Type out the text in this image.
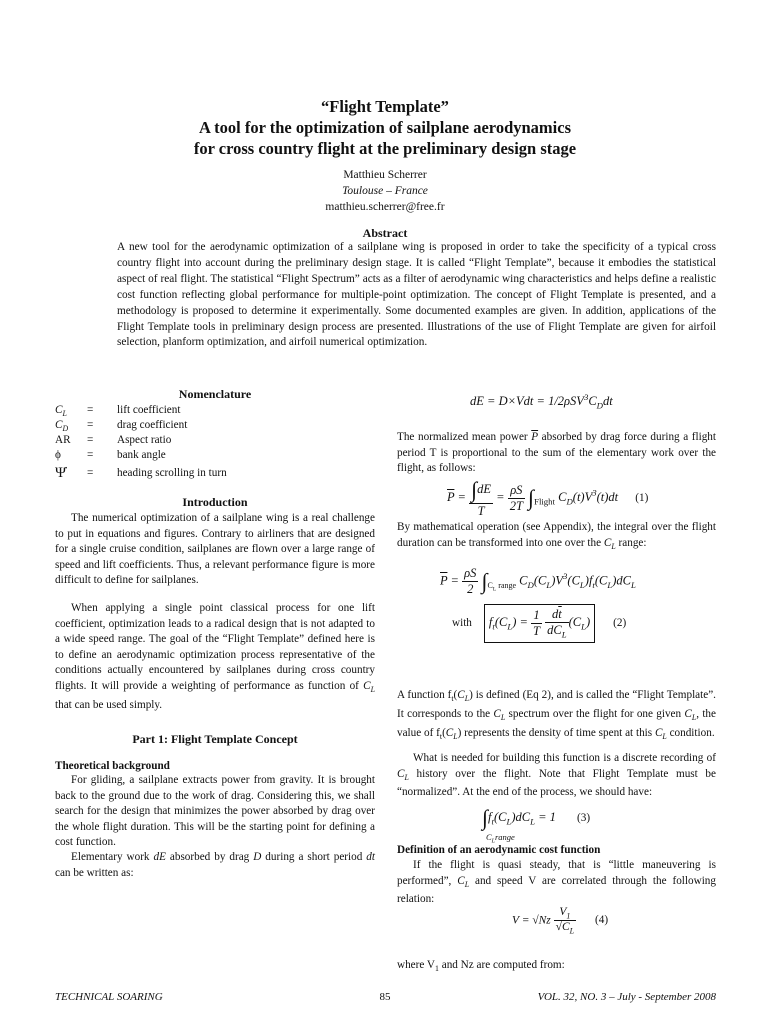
“Flight Template”
A tool for the optimization of sailplane aerodynamics
for cross country flight at the preliminary design stage
Matthieu Scherrer
Toulouse – France
matthieu.scherrer@free.fr
Abstract
A new tool for the aerodynamic optimization of a sailplane wing is proposed in order to take the specificity of a typical cross country flight into account during the preliminary design stage. It is called “Flight Template”, because it embodies the statistical aspect of real flight. The statistical “Flight Spectrum” acts as a filter of aerodynamic wing characteristics and helps define a realistic cost function reflecting global performance for multiple-point optimization. The concept of Flight Template is presented, and a methodology is proposed to determine it experimentally. Some documented examples are given. In addition, applications of the Flight Template tools in preliminary design process are presented. Illustrations of the use of Flight Template are given for airfoil selection, planform optimization, and airfoil numerical optimization.
Nomenclature
$C_L$	=	lift coefficient
$C_D$	=	drag coefficient
AR	=	Aspect ratio
ϕ	=	bank angle
Ψ̇	=	heading scrolling in turn
Introduction
The numerical optimization of a sailplane wing is a real challenge to put in equations and figures. Contrary to airliners that are designed for a single cruise condition, sailplanes are flown over a large range of speed and lift coefficients. Thus, a relevant performance figure is more difficult to define for sailplanes.
When applying a single point classical process for one lift coefficient, optimization leads to a radical design that is not adapted to a wide speed range. The goal of the “Flight Template” defined here is to define an aerodynamic optimization process representative of the conditions actually encountered by sailplanes during cross country flights. It will provide a weighting of performance as function of $C_L$ that can be used simply.
Part 1: Flight Template Concept
Theoretical background
For gliding, a sailplane extracts power from gravity. It is brought back to the ground due to the work of drag. Considering this, we shall search for the design that minimizes the power absorbed by drag over the whole flight duration. This will be the starting point for defining a cost function.
Elementary work dE absorbed by drag D during a short period dt can be written as:
dE = $D\times Vdt = 1/2\rho SV^3C_Ddt$
The normalized mean power $\overline{P}$ absorbed by drag force during a flight period T is proportional to the sum of the elementary work over the flight, as follows:
$\overline{P} = \frac{\int dE}{T} = \frac{\rho S}{2T} \int_{Flight}$ $C_D(t)V^3(t)dt$ (1)
By mathematical operation (see Appendix), the integral over the flight duration can be transformed into one over the $C_L$ range:
$\overline{P} = \frac{\rho S}{2} \int_{C_L range}$ $C_D(C_L)V^3(C_L)f_t(C_L)dC_L$
with $f_t(C_L) = \frac{1}{T}$
$\frac{d\overline{t}}{dC_L} (C_L)$ (2)
A function $f_t(C_L)$ is defined (Eq 2), and is called the “Flight Template”. It corresponds to the $C_L$ spectrum over the flight for one given $C_L$, the value of $f_t(C_L)$ represents the density of time spent at this $C_L$ condition.
What is needed for building this function is a discrete recording of $C_L$ history over the flight. Note that Flight Template must be “normalized”. At the end of the process, we should have:
$\int f_t(C_L)dC_L = 1$ (3)
$C_Lrange$
Definition of an aerodynamic cost function
If the flight is quasi steady, that is “little maneuvering is performed”, $C_L$ and speed V are correlated through the following relation:
$V = √Nz \frac{V_1}{√C_L} (4)$
where $V_1$ and Nz are computed from:
TECHNICAL SOARING	85	VOL. 32, NO. 3 – July - September 2008
